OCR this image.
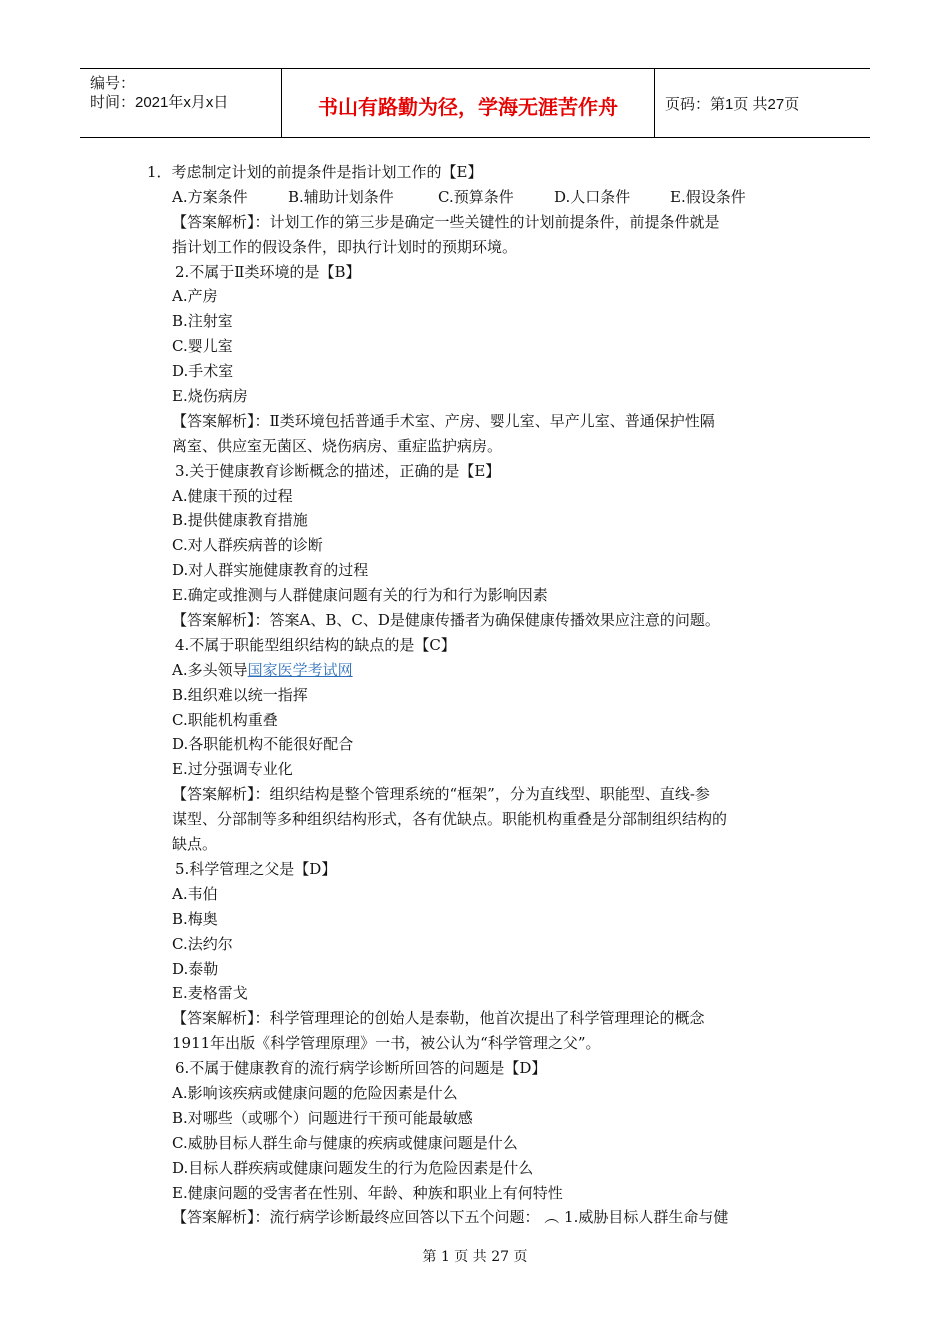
编号：
时间：2021年x月x日	书山有路勤为径，学海无涯苦作舟	页码：第1页 共27页
1．考虑制定计划的前提条件是指计划工作的【E】
A.方案条件	B.辅助计划条件	C.预算条件	D.人口条件	E.假设条件
【答案解析】：计划工作的第三步是确定一些关键性的计划前提条件，前提条件就是
指计划工作的假设条件，即执行计划时的预期环境。
2.不属于Ⅱ类环境的是【B】
A.产房
B.注射室
C.婴儿室
D.手术室
E.烧伤病房
【答案解析】：Ⅱ类环境包括普通手术室、产房、婴儿室、早产儿室、普通保护性隔
离室、供应室无菌区、烧伤病房、重症监护病房。
3.关于健康教育诊断概念的描述，正确的是【E】
A.健康干预的过程
B.提供健康教育措施
C.对人群疾病普的诊断
D.对人群实施健康教育的过程
E.确定或推测与人群健康问题有关的行为和行为影响因素
【答案解析】：答案A、B、C、D是健康传播者为确保健康传播效果应注意的问题。
4.不属于职能型组织结构的缺点的是【C】
A.多头领导国家医学考试网
B.组织难以统一指挥
C.职能机构重叠
D.各职能机构不能很好配合
E.过分强调专业化
【答案解析】：组织结构是整个管理系统的“框架”，分为直线型、职能型、直线-参
谋型、分部制等多种组织结构形式，各有优缺点。职能机构重叠是分部制组织结构的
缺点。
5.科学管理之父是【D】
A.韦伯
B.梅奥
C.法约尔
D.泰勒
E.麦格雷戈
【答案解析】：科学管理理论的创始人是泰勒，他首次提出了科学管理理论的概念
1911年出版《科学管理原理》一书，被公认为“科学管理之父”。
6.不属于健康教育的流行病学诊断所回答的问题是【D】
A.影响该疾病或健康问题的危险因素是什么
B.对哪些（或哪个）问题进行干预可能最敏感
C.威胁目标人群生命与健康的疾病或健康问题是什么
D.目标人群疾病或健康问题发生的行为危险因素是什么
E.健康问题的受害者在性别、年龄、种族和职业上有何特性
【答案解析】：流行病学诊断最终应回答以下五个问题： ︵ 1.威胁目标人群生命与健
第 1 页 共 27 页
